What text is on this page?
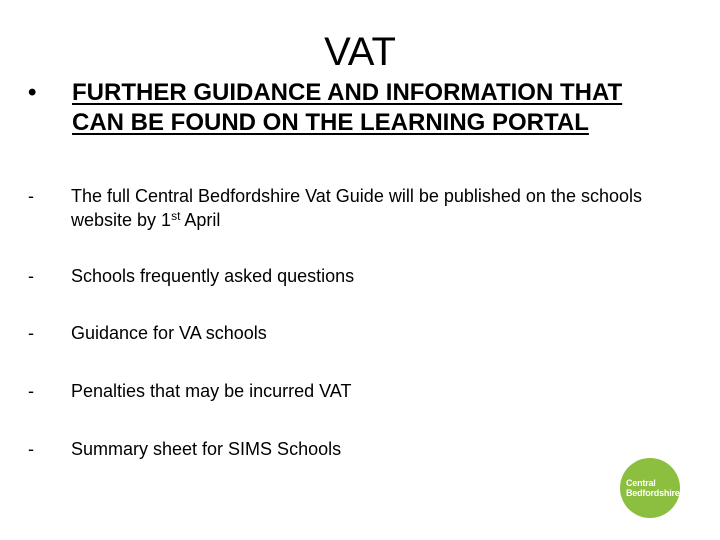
VAT
• FURTHER GUIDANCE AND INFORMATION THAT CAN BE FOUND ON THE LEARNING PORTAL
- The full Central Bedfordshire Vat Guide will be published on the schools website by 1st April
- Schools frequently asked questions
- Guidance for VA schools
- Penalties that may be incurred VAT
- Summary sheet for SIMS Schools
Central
Bedfordshire
